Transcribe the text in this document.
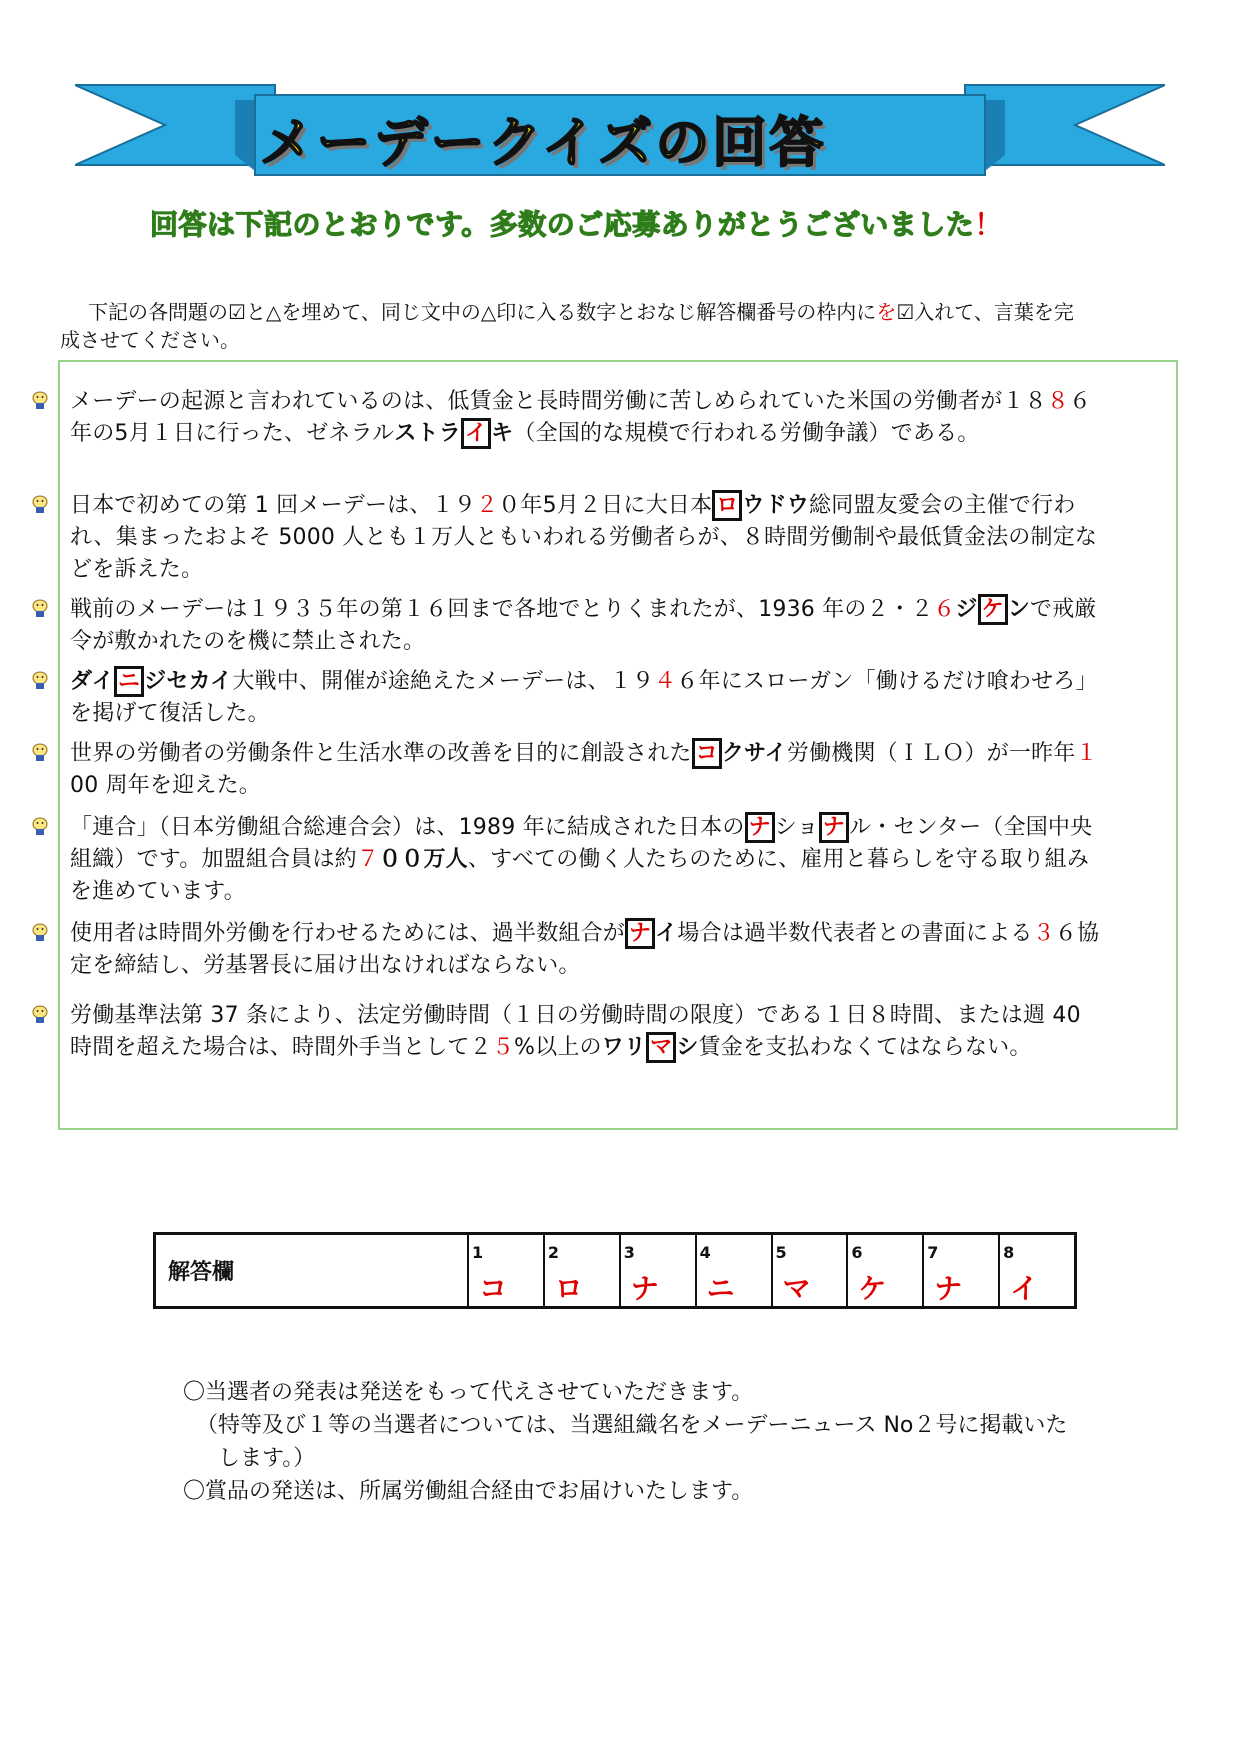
メーデークイズの回答
回答は下記のとおりです。多数のご応募ありがとうございました！
下記の各問題の☑と△を埋めて、同じ文中の△印に入る数字とおなじ解答欄番号の枠内にを☑入れて、言葉を完
成させてください。
メーデーの起源と言われているのは、低賃金と長時間労働に苦しめられていた米国の労働者が１８８６年の5月１日に行った、ゼネラルストラ イ キ（全国的な規模で行われる労働争議）である。
日本で初めての第 1 回メーデーは、１９２０年5月２日に大日本 ロ ウドウ総同盟友愛会の主催で行われ、集まったおよそ 5000 人とも１万人ともいわれる労働者らが、８時間労働制や最低賃金法の制定などを訴えた。
戦前のメーデーは１９３５年の第１６回まで各地でとりくまれたが、1936 年の２・２６ジ ケ ンで戒厳令が敷かれたのを機に禁止された。
ダイ ニ ジセカイ大戦中、開催が途絶えたメーデーは、１９４６年にスローガン「働けるだけ喰わせろ」を掲げて復活した。
世界の労働者の労働条件と生活水準の改善を目的に創設された コ クサイ労働機関（ＩＬＯ）が一昨年１00 周年を迎えた。
「連合」（日本労働組合総連合会）は、1989 年に結成された日本の ナ ショ ナ ル・センター（全国中央組織）です。加盟組合員は約７００万人、すべての働く人たちのために、雇用と暮らしを守る取り組みを進めています。
使用者は時間外労働を行わせるためには、過半数組合が ナ イ場合は過半数代表者との書面による３６協定を締結し、労基署長に届け出なければならない。
労働基準法第 37 条により、法定労働時間（１日の労働時間の限度）である１日８時間、または週 40 時間を超えた場合は、時間外手当として２５%以上のワリ マ シ賃金を支払わなくてはならない。
解答欄
1
コ
2
ロ
3
ナ
4
ニ
5
マ
6
ケ
7
ナ
8
イ
〇当選者の発表は発送をもって代えさせていただきます。
（特等及び１等の当選者については、当選組織名をメーデーニュース No２号に掲載いた
します。）
〇賞品の発送は、所属労働組合経由でお届けいたします。
